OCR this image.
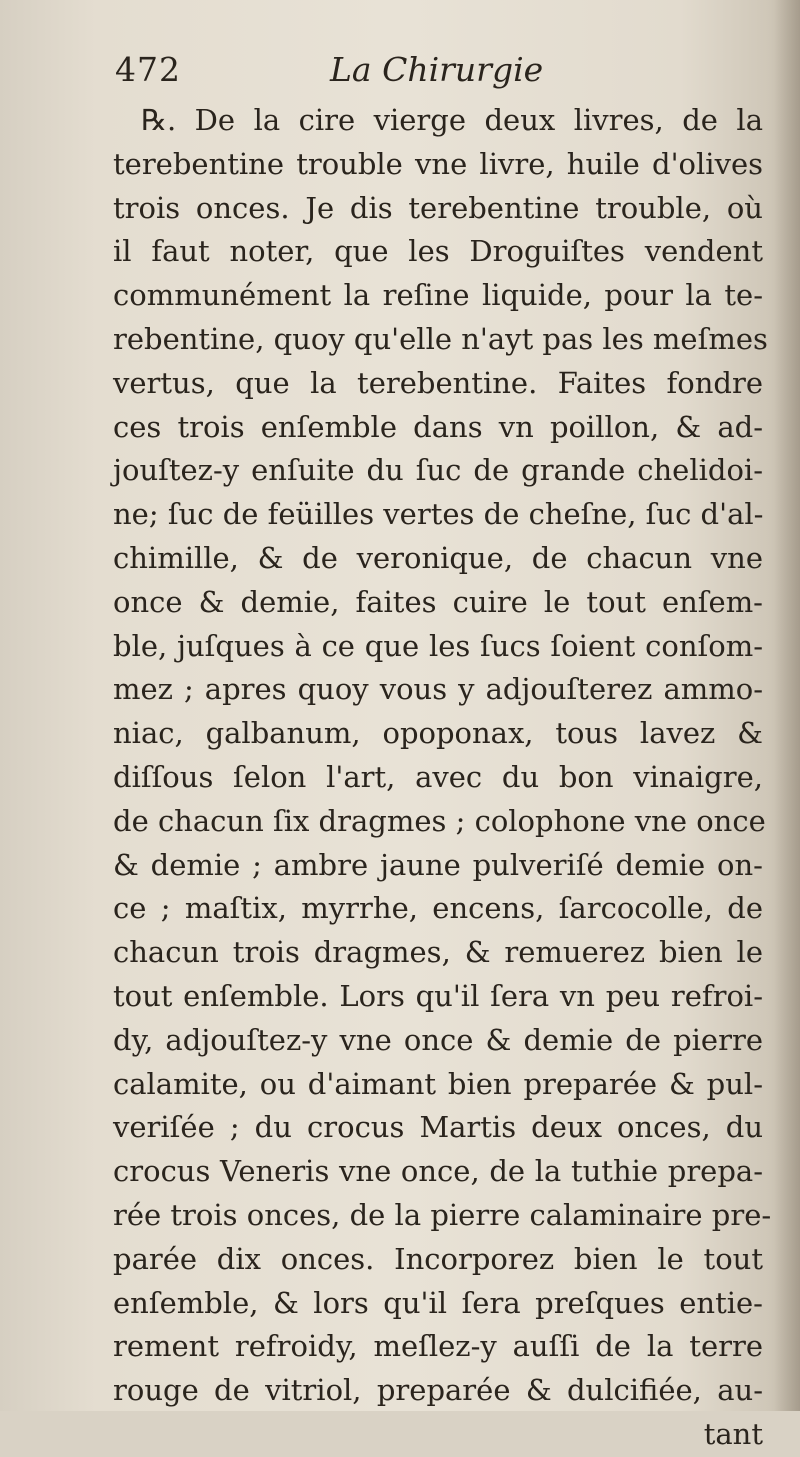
472	La Chirurgie
℞. De la cire vierge deux livres, de la
terebentine trouble vne livre, huile d'olives
trois onces. Je dis terebentine trouble, où
il faut noter, que les Droguiſtes vendent
communément la reſine liquide, pour la te-
rebentine, quoy qu'elle n'ayt pas les meſmes
vertus, que la terebentine. Faites fondre
ces trois enſemble dans vn poillon, & ad-
jouſtez-y enſuite du ſuc de grande chelidoi-
ne; ſuc de feüilles vertes de cheſne, ſuc d'al-
chimille, & de veronique, de chacun vne
once & demie, faites cuire le tout enſem-
ble, juſques à ce que les ſucs ſoient conſom-
mez ; apres quoy vous y adjouſterez ammo-
niac, galbanum, opoponax, tous lavez &
diſſous ſelon l'art, avec du bon vinaigre,
de chacun ſix dragmes ; colophone vne once
& demie ; ambre jaune pulveriſé demie on-
ce ; maſtix, myrrhe, encens, ſarcocolle, de
chacun trois dragmes, & remuerez bien le
tout enſemble. Lors qu'il ſera vn peu refroi-
dy, adjouſtez-y vne once & demie de pierre
calamite, ou d'aimant bien preparée & pul-
veriſée ; du crocus Martis deux onces, du
crocus Veneris vne once, de la tuthie prepa-
rée trois onces, de la pierre calaminaire pre-
parée dix onces. Incorporez bien le tout
enſemble, & lors qu'il ſera preſques entie-
rement refroidy, meſlez-y auſſi de la terre
rouge de vitriol, preparée & dulcifiée, au-
tant
